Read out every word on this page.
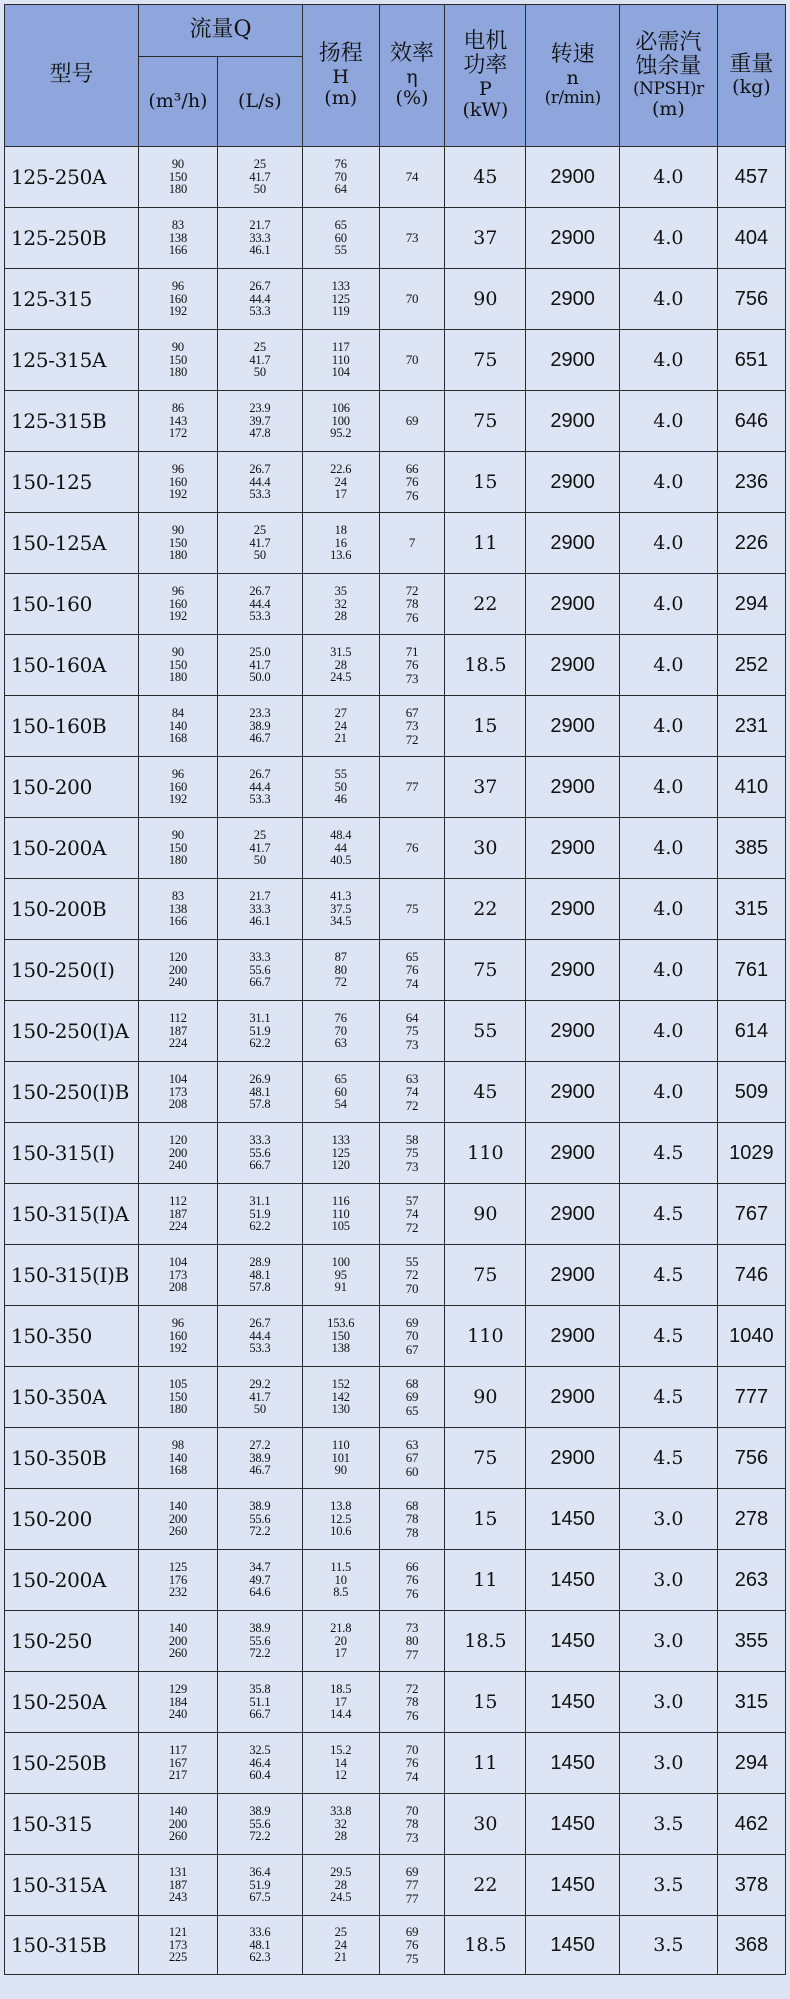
型号	流量Q		扬程
H
(m)	效率
η
(%)	电机
功率
P
(kW)	转速
n
(r/min)	必需汽
蚀余量
(NPSH)r
(m)	重量
(kg)

	(m³/h)	(L/s)						
125-250A	90
150
180	25
41.7
50	76
70
64	74	45	2900	4.0	457
125-250B	83
138
166	21.7
33.3
46.1	65
60
55	73	37	2900	4.0	404
125-315	96
160
192	26.7
44.4
53.3	133
125
119	70	90	2900	4.0	756
125-315A	90
150
180	25
41.7
50	117
110
104	70	75	2900	4.0	651
125-315B	86
143
172	23.9
39.7
47.8	106
100
95.2	69	75	2900	4.0	646
150-125	96
160
192	26.7
44.4
53.3	22.6
24
17	66
76
76	15	2900	4.0	236
150-125A	90
150
180	25
41.7
50	18
16
13.6	7	11	2900	4.0	226
150-160	96
160
192	26.7
44.4
53.3	35
32
28	72
78
76	22	2900	4.0	294
150-160A	90
150
180	25.0
41.7
50.0	31.5
28
24.5	71
76
73	18.5	2900	4.0	252
150-160B	84
140
168	23.3
38.9
46.7	27
24
21	67
73
72	15	2900	4.0	231
150-200	96
160
192	26.7
44.4
53.3	55
50
46	77	37	2900	4.0	410
150-200A	90
150
180	25
41.7
50	48.4
44
40.5	76	30	2900	4.0	385
150-200B	83
138
166	21.7
33.3
46.1	41.3
37.5
34.5	75	22	2900	4.0	315
150-250(I)	120
200
240	33.3
55.6
66.7	87
80
72	65
76
74	75	2900	4.0	761
150-250(I)A	112
187
224	31.1
51.9
62.2	76
70
63	64
75
73	55	2900	4.0	614
150-250(I)B	104
173
208	26.9
48.1
57.8	65
60
54	63
74
72	45	2900	4.0	509
150-315(I)	120
200
240	33.3
55.6
66.7	133
125
120	58
75
73	110	2900	4.5	1029
150-315(I)A	112
187
224	31.1
51.9
62.2	116
110
105	57
74
72	90	2900	4.5	767
150-315(I)B	104
173
208	28.9
48.1
57.8	100
95
91	55
72
70	75	2900	4.5	746
150-350	96
160
192	26.7
44.4
53.3	153.6
150
138	69
70
67	110	2900	4.5	1040
150-350A	105
150
180	29.2
41.7
50	152
142
130	68
69
65	90	2900	4.5	777
150-350B	98
140
168	27.2
38.9
46.7	110
101
90	63
67
60	75	2900	4.5	756
150-200	140
200
260	38.9
55.6
72.2	13.8
12.5
10.6	68
78
78	15	1450	3.0	278
150-200A	125
176
232	34.7
49.7
64.6	11.5
10
8.5	66
76
76	11	1450	3.0	263
150-250	140
200
260	38.9
55.6
72.2	21.8
20
17	73
80
77	18.5	1450	3.0	355
150-250A	129
184
240	35.8
51.1
66.7	18.5
17
14.4	72
78
76	15	1450	3.0	315
150-250B	117
167
217	32.5
46.4
60.4	15.2
14
12	70
76
74	11	1450	3.0	294
150-315	140
200
260	38.9
55.6
72.2	33.8
32
28	70
78
73	30	1450	3.5	462
150-315A	131
187
243	36.4
51.9
67.5	29.5
28
24.5	69
77
77	22	1450	3.5	378
150-315B	121
173
225	33.6
48.1
62.3	25
24
21	69
76
75	18.5	1450	3.5	368
